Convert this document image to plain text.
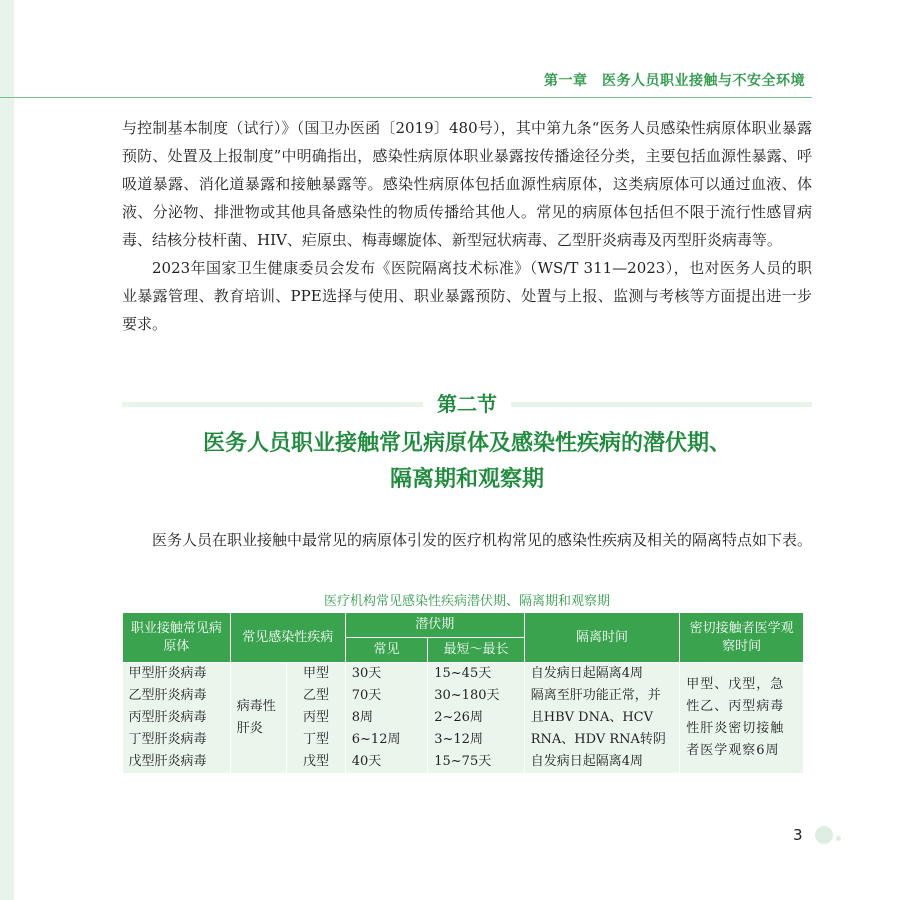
第一章　医务人员职业接触与不安全环境

与控制基本制度（试行）》（国卫办医函〔2019〕480号），其中第九条“医务人员感染性病原体职业暴露预防、处置及上报制度”中明确指出，感染性病原体职业暴露按传播途径分类，主要包括血源性暴露、呼吸道暴露、消化道暴露和接触暴露等。感染性病原体包括血源性病原体，这类病原体可以通过血液、体液、分泌物、排泄物或其他具备感染性的物质传播给其他人。常见的病原体包括但不限于流行性感冒病毒、结核分枝杆菌、HIV、疟原虫、梅毒螺旋体、新型冠状病毒、乙型肝炎病毒及丙型肝炎病毒等。

2023年国家卫生健康委员会发布《医院隔离技术标准》（WS/T 311—2023），也对医务人员的职业暴露管理、教育培训、PPE选择与使用、职业暴露预防、处置与上报、监测与考核等方面提出进一步要求。

第二节
医务人员职业接触常见病原体及感染性疾病的潜伏期、
隔离期和观察期

医务人员在职业接触中最常见的病原体引发的医疗机构常见的感染性疾病及相关的隔离特点如下表。

医疗机构常见感染性疾病潜伏期、隔离期和观察期
职业接触常见病原体	常见感染性疾病		潜伏期		隔离时间	密切接触者医学观察时间
			常见	最短～最长		
甲型肝炎病毒	病毒性肝炎	甲型	30天	15~45天	自发病日起隔离4周	甲型、戊型，急性乙、丙型病毒性肝炎密切接触者医学观察6周
乙型肝炎病毒		乙型	70天	30~180天	隔离至肝功能正常，并且HBV DNA、HCV RNA、HDV RNA转阴	
丙型肝炎病毒		丙型	8周	2~26周		
丁型肝炎病毒		丁型	6~12周	3~12周		
戊型肝炎病毒		戊型	40天	15~75天	自发病日起隔离4周	
3
